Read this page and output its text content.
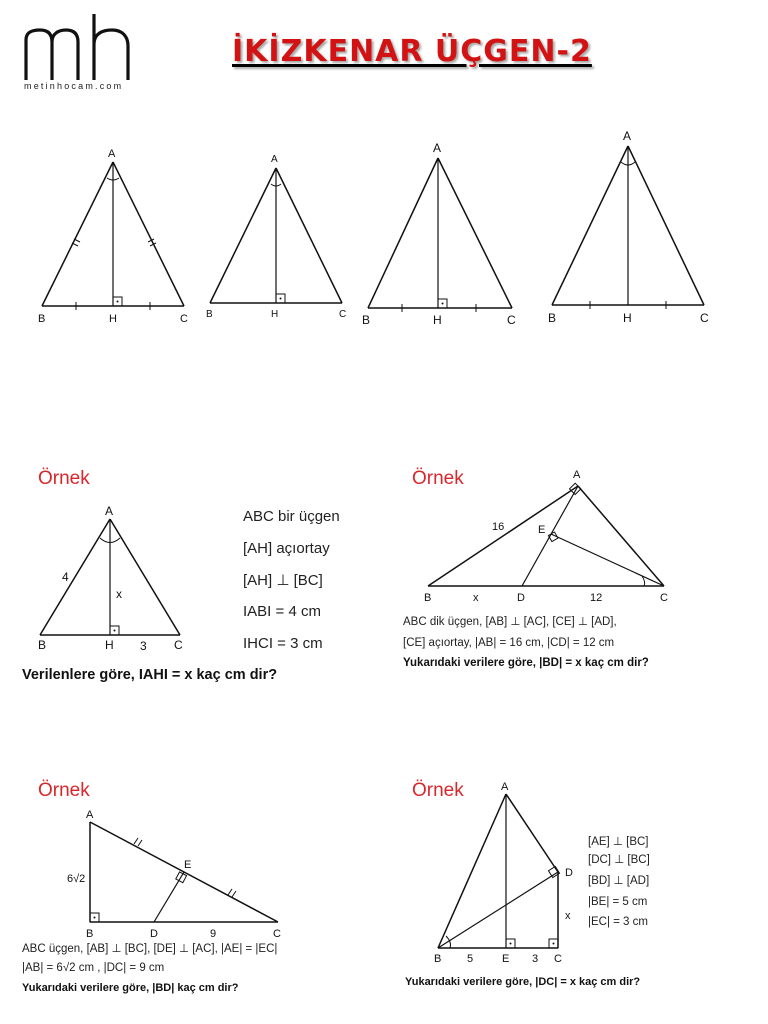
metinhocam.com
İKİZKENAR ÜÇGEN-2
A
B	H	C
A
B	H	C
A
B	H	C
A
B	H	C
Örnek
A
4
x
B	H 3 C
ABC bir üçgen
[AH] açıortay
[AH] ⊥ [BC]
IABI = 4 cm
IHCI = 3 cm
Verilenlere göre, IAHI = x kaç cm dir?
Örnek	A
16	E
B	x	D	12	C
ABC dik üçgen, [AB] ⊥ [AC], [CE] ⊥ [AD],
[CE] açıortay, |AB| = 16 cm, |CD| = 12 cm
Yukarıdaki verilere göre, |BD| = x kaç cm dir?
Örnek
A
6√2
E
B	D	9	C
ABC üçgen, [AB] ⊥ [BC], [DE] ⊥ [AC], |AE| = |EC|
|AB| = 6√2 cm , |DC| = 9 cm
Yukarıdaki verilere göre, |BD| kaç cm dir?
Örnek	A
D
x
B 5	E 3 C
[AE] ⊥ [BC]
[DC] ⊥ [BC]
[BD] ⊥ [AD]
|BE| = 5 cm
|EC| = 3 cm
Yukarıdaki verilere göre, |DC| = x kaç cm dir?
